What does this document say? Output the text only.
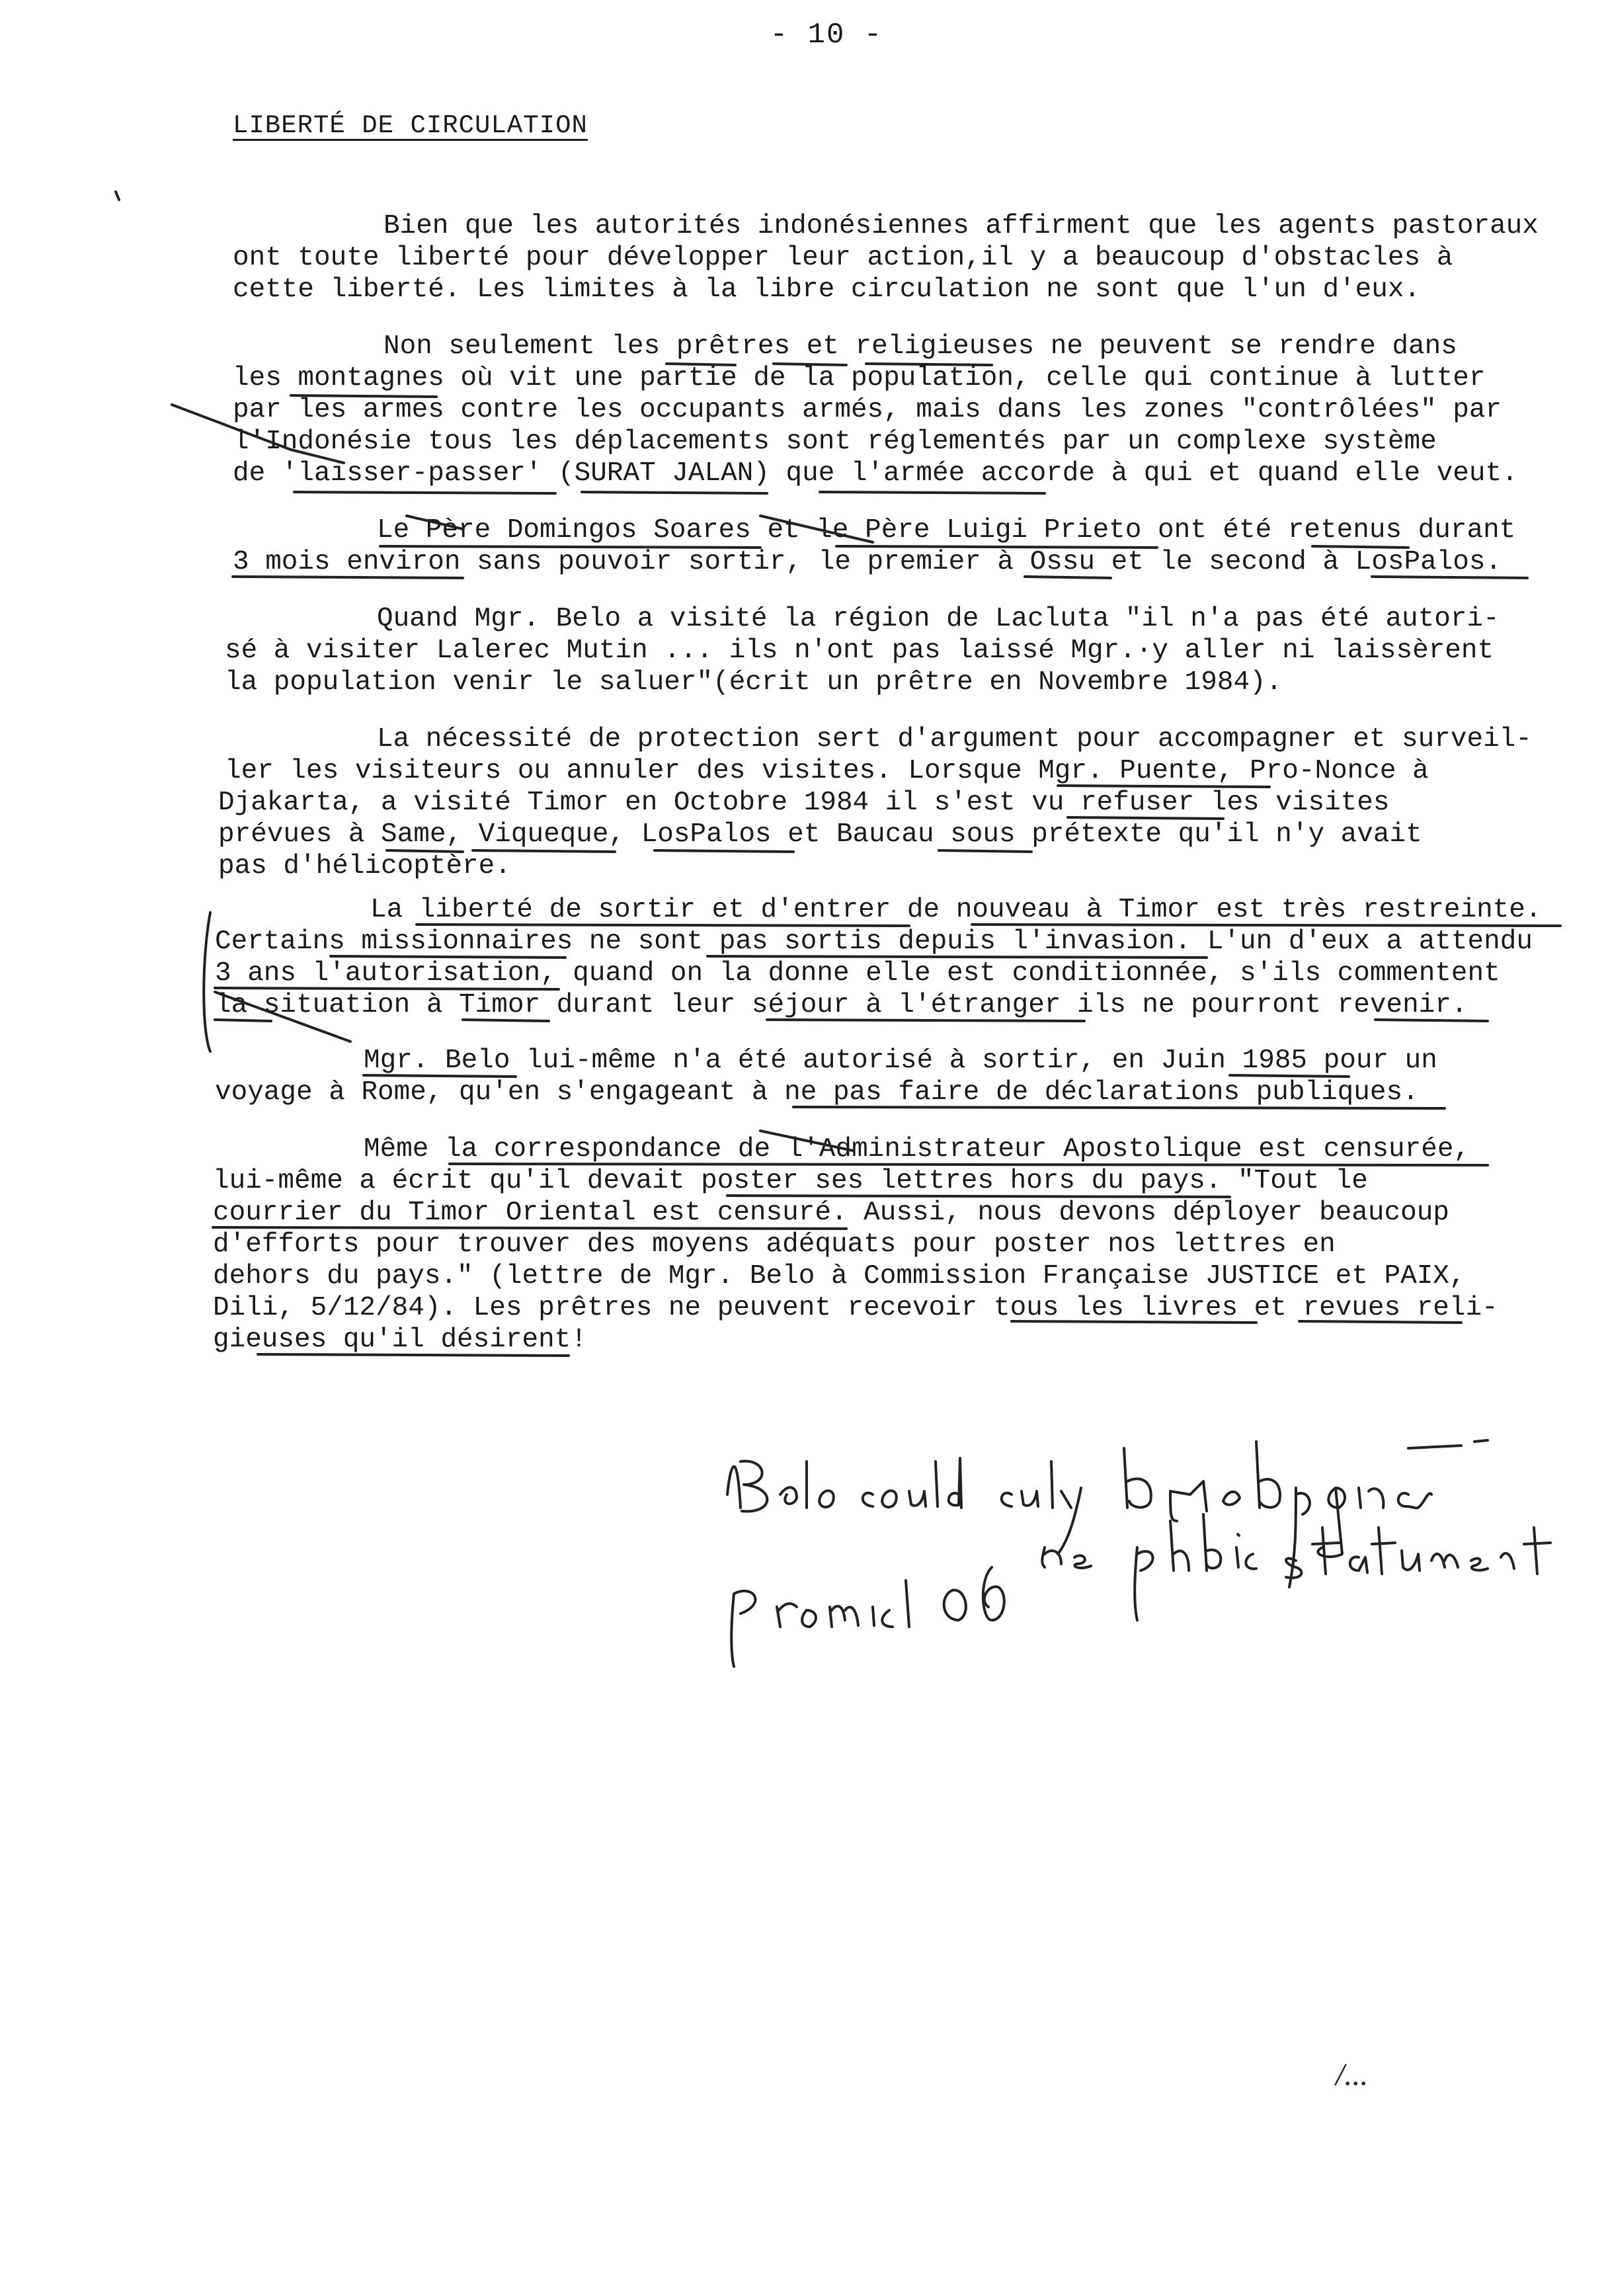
- 10 -
LIBERTÉ DE CIRCULATION
Bien que les autorités indonésiennes affirment que les agents pastoraux
ont toute liberté pour développer leur action,il y a beaucoup d'obstacles à
cette liberté. Les limites à la libre circulation ne sont que l'un d'eux.
Non seulement les prêtres et religieuses ne peuvent se rendre dans
les montagnes où vit une partie de la population, celle qui continue à lutter
par les armes contre les occupants armés, mais dans les zones "contrôlées" par
l'Indonésie tous les déplacements sont réglementés par un complexe système
de 'laisser-passer' (SURAT JALAN) que l'armée accorde à qui et quand elle veut.
Le Père Domingos Soares et le Père Luigi Prieto ont été retenus durant
3 mois environ sans pouvoir sortir, le premier à Ossu et le second à LosPalos.
Quand Mgr. Belo a visité la région de Lacluta "il n'a pas été autori-
sé à visiter Lalerec Mutin ... ils n'ont pas laissé Mgr.·y aller ni laissèrent
la population venir le saluer"(écrit un prêtre en Novembre 1984).
La nécessité de protection sert d'argument pour accompagner et surveil-
ler les visiteurs ou annuler des visites. Lorsque Mgr. Puente, Pro-Nonce à
Djakarta, a visité Timor en Octobre 1984 il s'est vu refuser les visites
prévues à Same, Viqueque, LosPalos et Baucau sous prétexte qu'il n'y avait
pas d'hélicoptère.
La liberté de sortir et d'entrer de nouveau à Timor est très restreinte.
Certains missionnaires ne sont pas sortis depuis l'invasion. L'un d'eux a attendu
3 ans l'autorisation, quand on la donne elle est conditionnée, s'ils commentent
la situation à Timor durant leur séjour à l'étranger ils ne pourront revenir.
Mgr. Belo lui-même n'a été autorisé à sortir, en Juin 1985 pour un
voyage à Rome, qu'en s'engageant à ne pas faire de déclarations publiques.
Même la correspondance de l'Administrateur Apostolique est censurée,
lui-même a écrit qu'il devait poster ses lettres hors du pays. "Tout le
courrier du Timor Oriental est censuré. Aussi, nous devons déployer beaucoup
d'efforts pour trouver des moyens adéquats pour poster nos lettres en
dehors du pays." (lettre de Mgr. Belo à Commission Française JUSTICE et PAIX,
Dili, 5/12/84). Les prêtres ne peuvent recevoir tous les livres et revues reli-
gieuses qu'il désirent!
/...
